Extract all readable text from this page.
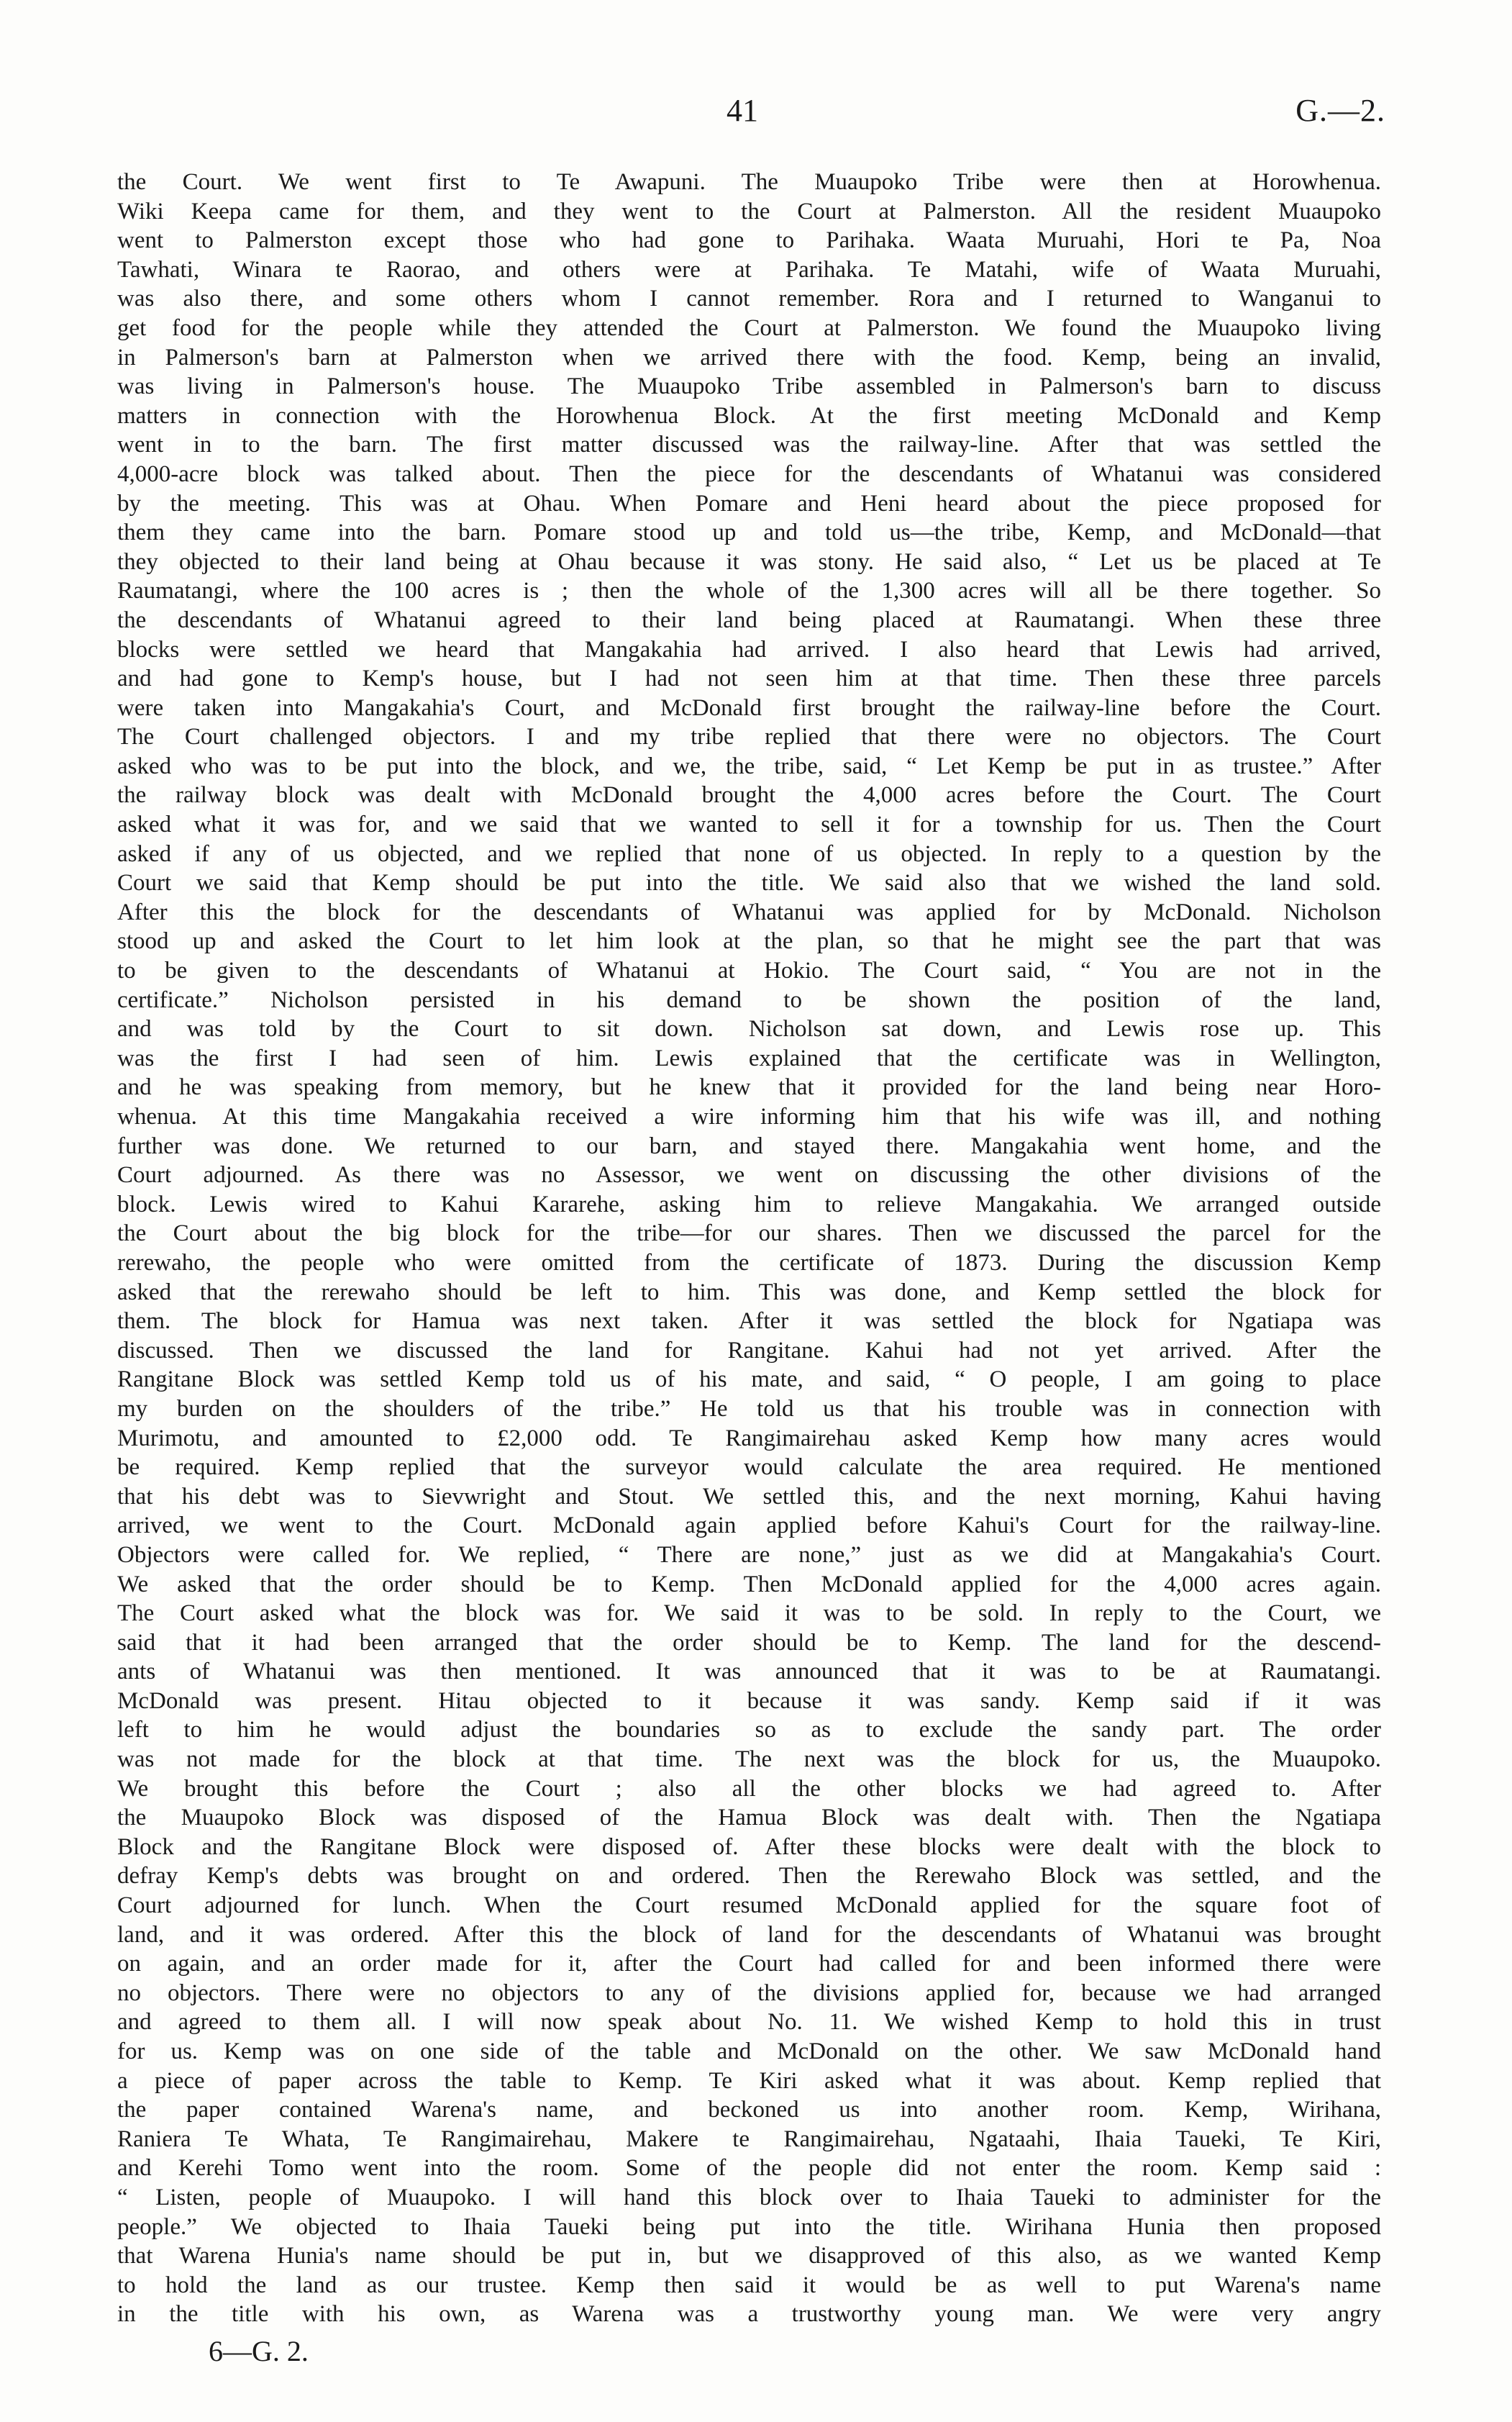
41	G.—2.
the Court. We went first to Te Awapuni. The Muaupoko Tribe were then at Horowhenua.
Wiki Keepa came for them, and they went to the Court at Palmerston. All the resident Muaupoko
went to Palmerston except those who had gone to Parihaka. Waata Muruahi, Hori te Pa, Noa
Tawhati, Winara te Raorao, and others were at Parihaka. Te Matahi, wife of Waata Muruahi,
was also there, and some others whom I cannot remember. Rora and I returned to Wanganui to
get food for the people while they attended the Court at Palmerston. We found the Muaupoko living
in Palmerson's barn at Palmerston when we arrived there with the food. Kemp, being an invalid,
was living in Palmerson's house. The Muaupoko Tribe assembled in Palmerson's barn to discuss
matters in connection with the Horowhenua Block. At the first meeting McDonald and Kemp
went in to the barn. The first matter discussed was the railway-line. After that was settled the
4,000-acre block was talked about. Then the piece for the descendants of Whatanui was considered
by the meeting. This was at Ohau. When Pomare and Heni heard about the piece proposed for
them they came into the barn. Pomare stood up and told us—the tribe, Kemp, and McDonald—that
they objected to their land being at Ohau because it was stony. He said also, “ Let us be placed at Te
Raumatangi, where the 100 acres is ; then the whole of the 1,300 acres will all be there together. So
the descendants of Whatanui agreed to their land being placed at Raumatangi. When these three
blocks were settled we heard that Mangakahia had arrived. I also heard that Lewis had arrived,
and had gone to Kemp's house, but I had not seen him at that time. Then these three parcels
were taken into Mangakahia's Court, and McDonald first brought the railway-line before the Court.
The Court challenged objectors. I and my tribe replied that there were no objectors. The Court
asked who was to be put into the block, and we, the tribe, said, “ Let Kemp be put in as trustee.” After
the railway block was dealt with McDonald brought the 4,000 acres before the Court. The Court
asked what it was for, and we said that we wanted to sell it for a township for us. Then the Court
asked if any of us objected, and we replied that none of us objected. In reply to a question by the
Court we said that Kemp should be put into the title. We said also that we wished the land sold.
After this the block for the descendants of Whatanui was applied for by McDonald. Nicholson
stood up and asked the Court to let him look at the plan, so that he might see the part that was
to be given to the descendants of Whatanui at Hokio. The Court said, “ You are not in the
certificate.” Nicholson persisted in his demand to be shown the position of the land,
and was told by the Court to sit down. Nicholson sat down, and Lewis rose up. This
was the first I had seen of him. Lewis explained that the certificate was in Wellington,
and he was speaking from memory, but he knew that it provided for the land being near Horo-
whenua. At this time Mangakahia received a wire informing him that his wife was ill, and nothing
further was done. We returned to our barn, and stayed there. Mangakahia went home, and the
Court adjourned. As there was no Assessor, we went on discussing the other divisions of the
block. Lewis wired to Kahui Kararehe, asking him to relieve Mangakahia. We arranged outside
the Court about the big block for the tribe—for our shares. Then we discussed the parcel for the
rerewaho, the people who were omitted from the certificate of 1873. During the discussion Kemp
asked that the rerewaho should be left to him. This was done, and Kemp settled the block for
them. The block for Hamua was next taken. After it was settled the block for Ngatiapa was
discussed. Then we discussed the land for Rangitane. Kahui had not yet arrived. After the
Rangitane Block was settled Kemp told us of his mate, and said, “ O people, I am going to place
my burden on the shoulders of the tribe.” He told us that his trouble was in connection with
Murimotu, and amounted to £2,000 odd. Te Rangimairehau asked Kemp how many acres would
be required. Kemp replied that the surveyor would calculate the area required. He mentioned
that his debt was to Sievwright and Stout. We settled this, and the next morning, Kahui having
arrived, we went to the Court. McDonald again applied before Kahui's Court for the railway-line.
Objectors were called for. We replied, “ There are none,” just as we did at Mangakahia's Court.
We asked that the order should be to Kemp. Then McDonald applied for the 4,000 acres again.
The Court asked what the block was for. We said it was to be sold. In reply to the Court, we
said that it had been arranged that the order should be to Kemp. The land for the descend-
ants of Whatanui was then mentioned. It was announced that it was to be at Raumatangi.
McDonald was present. Hitau objected to it because it was sandy. Kemp said if it was
left to him he would adjust the boundaries so as to exclude the sandy part. The order
was not made for the block at that time. The next was the block for us, the Muaupoko.
We brought this before the Court ; also all the other blocks we had agreed to. After
the Muaupoko Block was disposed of the Hamua Block was dealt with. Then the Ngatiapa
Block and the Rangitane Block were disposed of. After these blocks were dealt with the block to
defray Kemp's debts was brought on and ordered. Then the Rerewaho Block was settled, and the
Court adjourned for lunch. When the Court resumed McDonald applied for the square foot of
land, and it was ordered. After this the block of land for the descendants of Whatanui was brought
on again, and an order made for it, after the Court had called for and been informed there were
no objectors. There were no objectors to any of the divisions applied for, because we had arranged
and agreed to them all. I will now speak about No. 11. We wished Kemp to hold this in trust
for us. Kemp was on one side of the table and McDonald on the other. We saw McDonald hand
a piece of paper across the table to Kemp. Te Kiri asked what it was about. Kemp replied that
the paper contained Warena's name, and beckoned us into another room. Kemp, Wirihana,
Raniera Te Whata, Te Rangimairehau, Makere te Rangimairehau, Ngataahi, Ihaia Taueki, Te Kiri,
and Kerehi Tomo went into the room. Some of the people did not enter the room. Kemp said :
“ Listen, people of Muaupoko. I will hand this block over to Ihaia Taueki to administer for the
people.” We objected to Ihaia Taueki being put into the title. Wirihana Hunia then proposed
that Warena Hunia's name should be put in, but we disapproved of this also, as we wanted Kemp
to hold the land as our trustee. Kemp then said it would be as well to put Warena's name
in the title with his own, as Warena was a trustworthy young man. We were very angry
6—G. 2.
